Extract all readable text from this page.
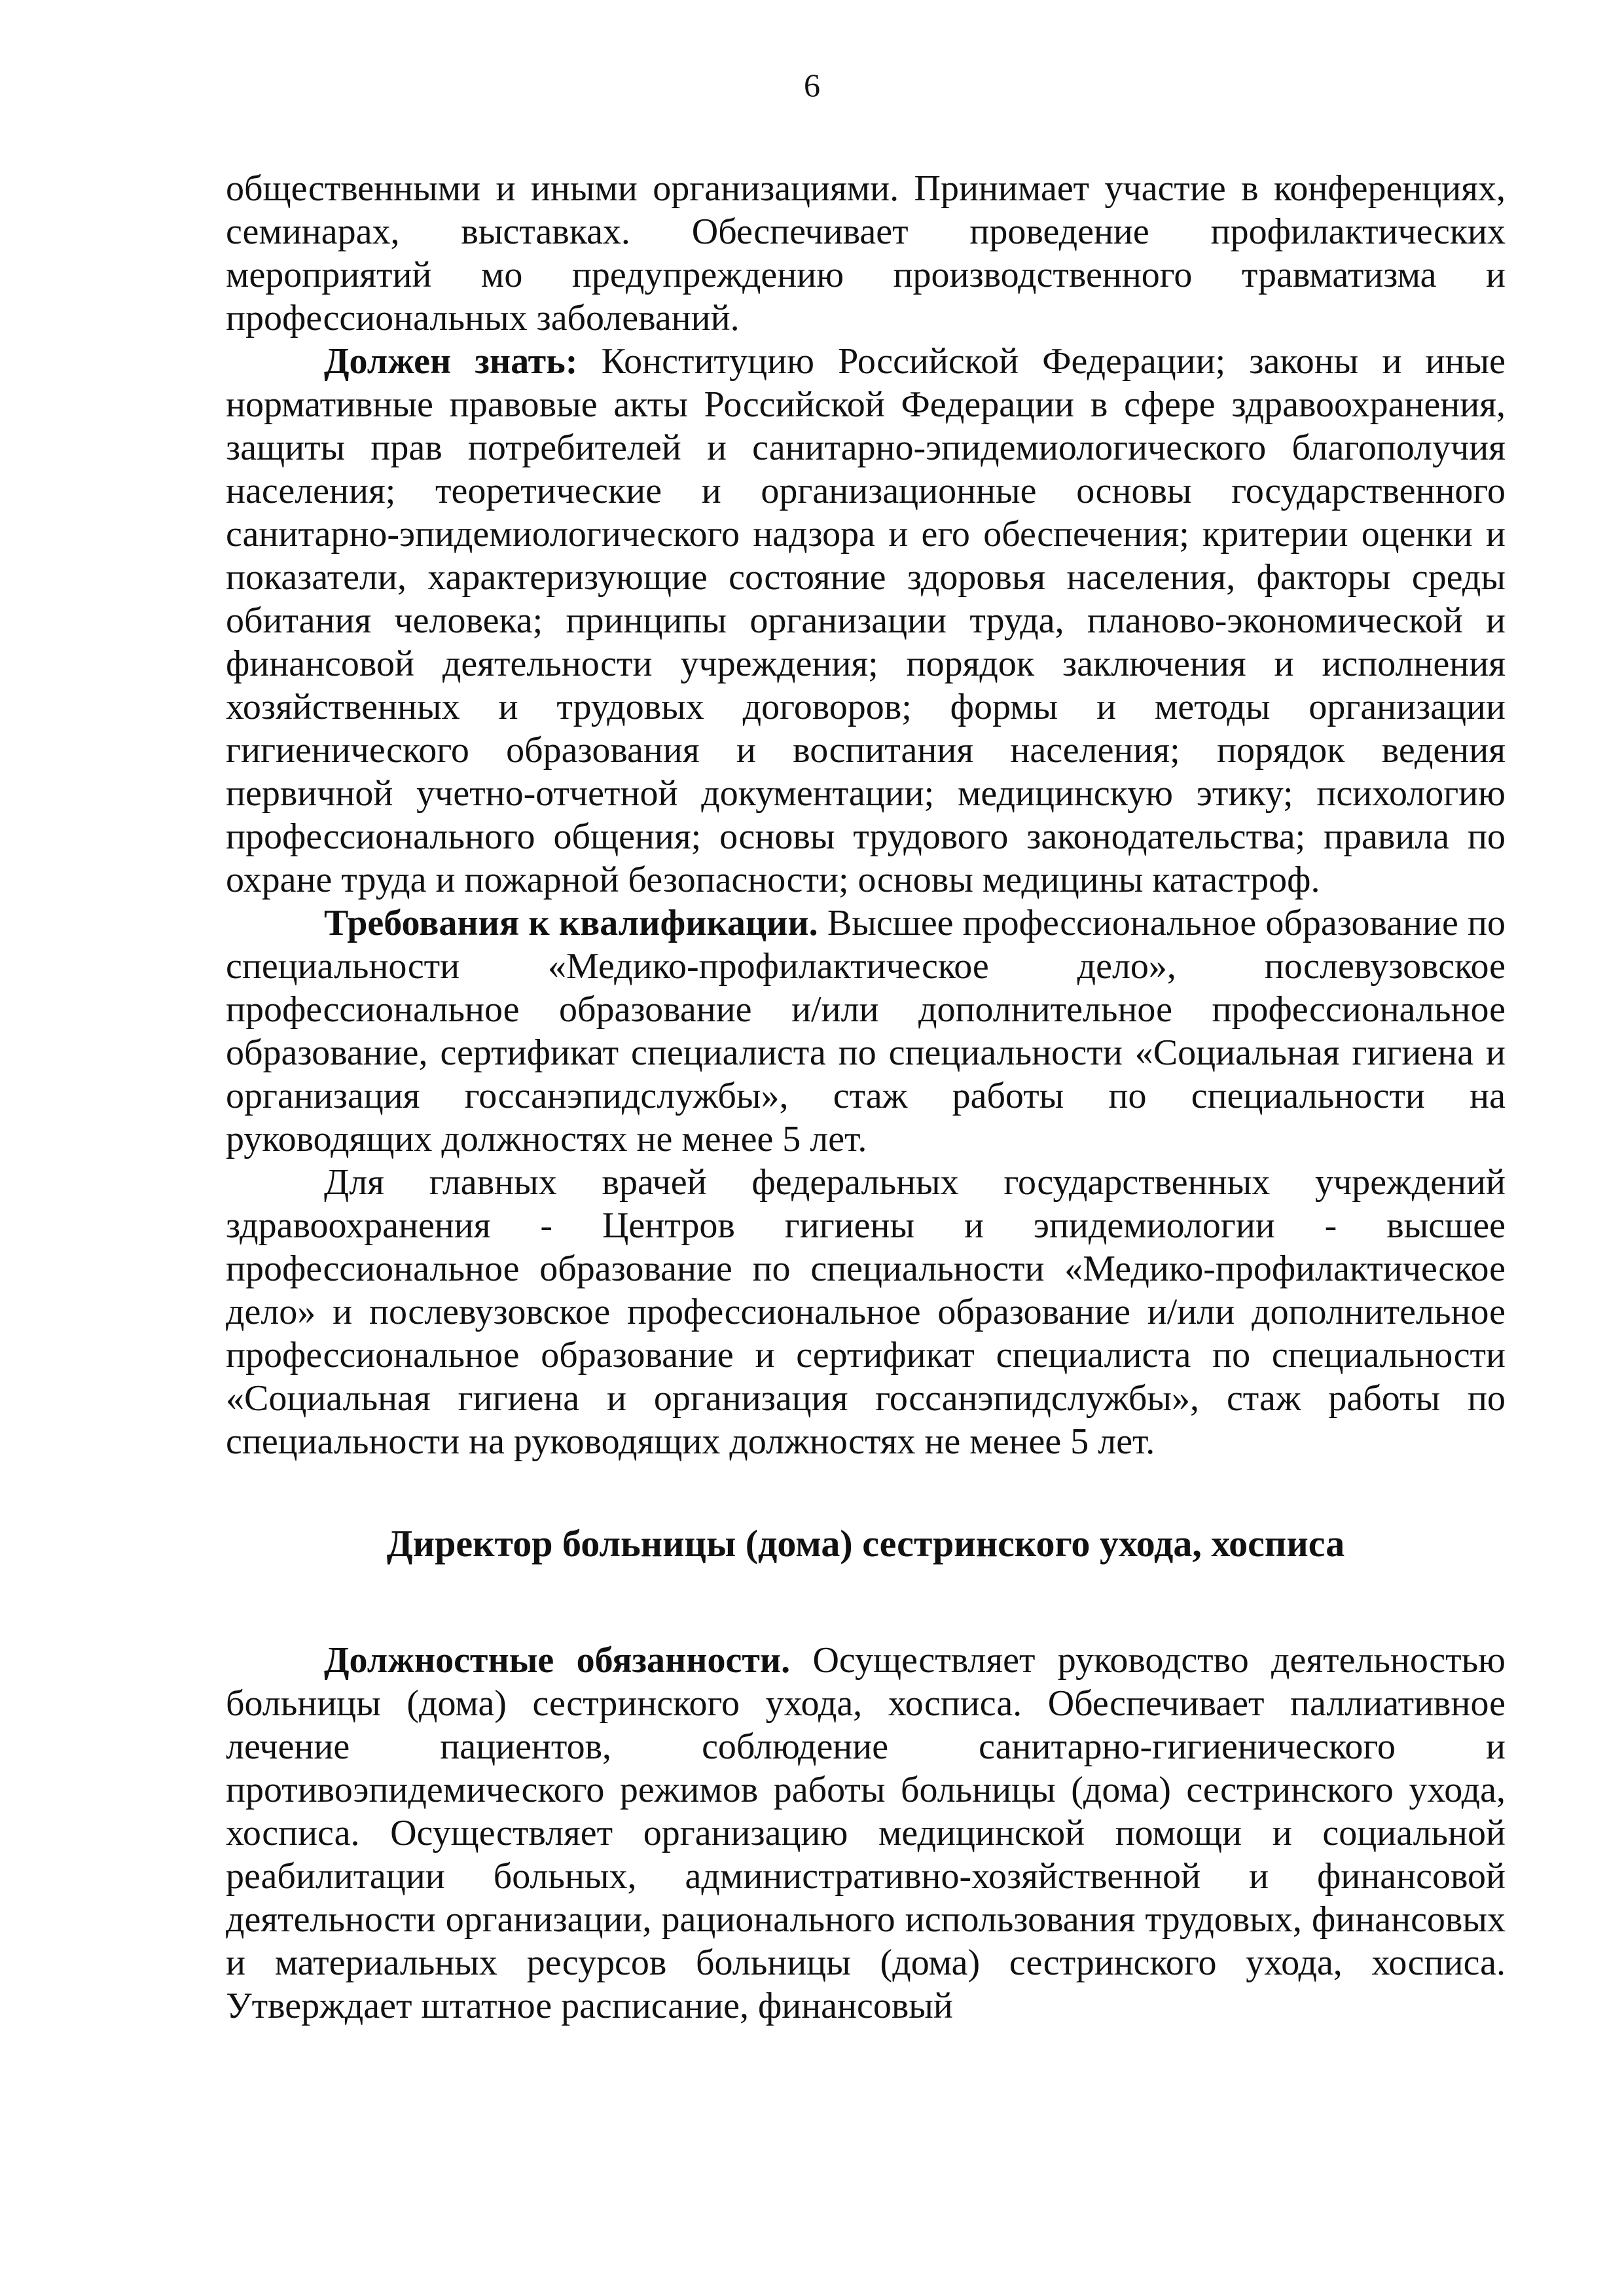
6

общественными и иными организациями. Принимает участие в конференциях, семинарах, выставках. Обеспечивает проведение профилактических мероприятий мо предупреждению производственного травматизма и профессиональных заболеваний.

Должен знать: Конституцию Российской Федерации; законы и иные нормативные правовые акты Российской Федерации в сфере здравоохранения, защиты прав потребителей и санитарно-эпидемиологического благополучия населения; теоретические и организационные основы государственного санитарно-эпидемиологического надзора и его обеспечения; критерии оценки и показатели, характеризующие состояние здоровья населения, факторы среды обитания человека; принципы организации труда, планово-экономической и финансовой деятельности учреждения; порядок заключения и исполнения хозяйственных и трудовых договоров; формы и методы организации гигиенического образования и воспитания населения; порядок ведения первичной учетно-отчетной документации; медицинскую этику; психологию профессионального общения; основы трудового законодательства; правила по охране труда и пожарной безопасности; основы медицины катастроф.

Требования к квалификации. Высшее профессиональное образование по специальности «Медико-профилактическое дело», послевузовское профессиональное образование и/или дополнительное профессиональное образование, сертификат специалиста по специальности «Социальная гигиена и организация госсанэпидслужбы», стаж работы по специальности на руководящих должностях не менее 5 лет.

Для главных врачей федеральных государственных учреждений здравоохранения - Центров гигиены и эпидемиологии - высшее профессиональное образование по специальности «Медико-профилактическое дело» и послевузовское профессиональное образование и/или дополнительное профессиональное образование и сертификат специалиста по специальности «Социальная гигиена и организация госсанэпидслужбы», стаж работы по специальности на руководящих должностях не менее 5 лет.

Директор больницы (дома) сестринского ухода, хосписа

Должностные обязанности. Осуществляет руководство деятельностью больницы (дома) сестринского ухода, хосписа. Обеспечивает паллиативное лечение пациентов, соблюдение санитарно-гигиенического и противоэпидемического режимов работы больницы (дома) сестринского ухода, хосписа. Осуществляет организацию медицинской помощи и социальной реабилитации больных, административно-хозяйственной и финансовой деятельности организации, рационального использования трудовых, финансовых и материальных ресурсов больницы (дома) сестринского ухода, хосписа. Утверждает штатное расписание, финансовый
